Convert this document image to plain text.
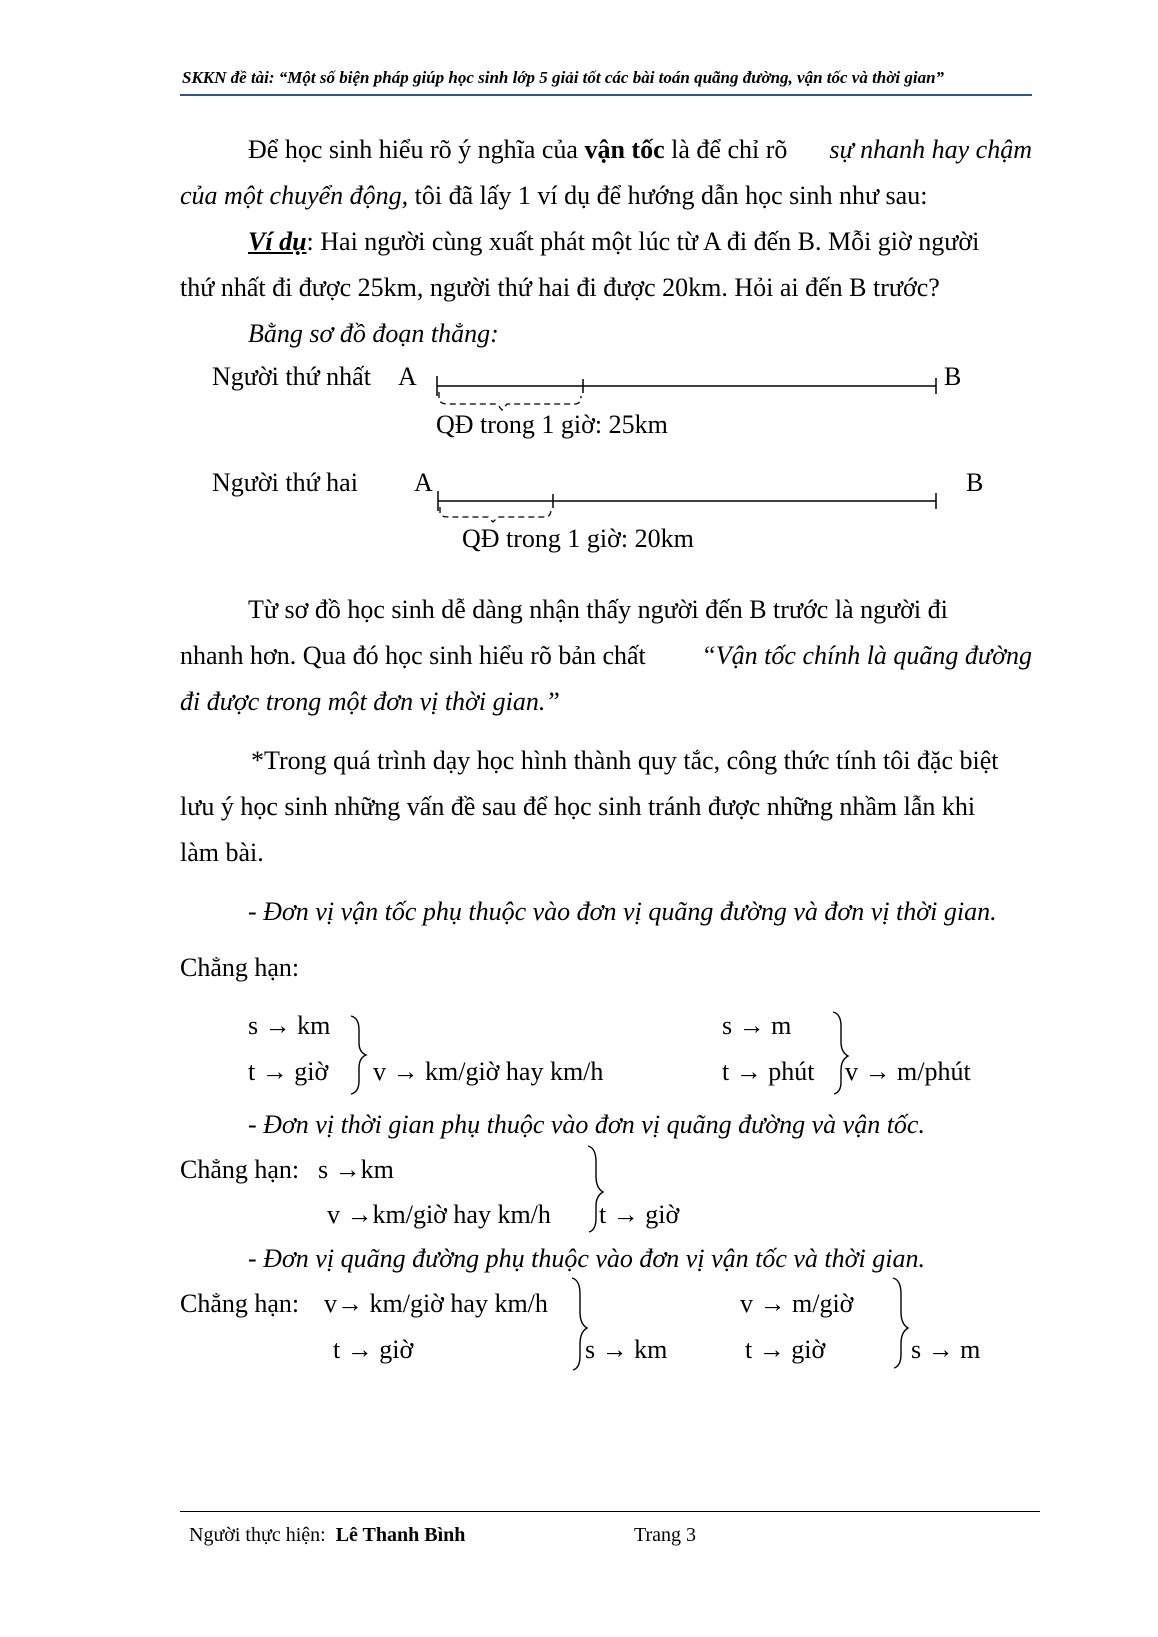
SKKN đề tài: “Một số biện pháp giúp học sinh lớp 5 giải tốt các bài toán quãng đường, vận tốc và thời gian”
Để học sinh hiểu rõ ý nghĩa của vận tốc là để chỉ rõ sự nhanh hay chậm
của một chuyển động, tôi đã lấy 1 ví dụ để hướng dẫn học sinh như sau:
Ví dụ: Hai người cùng xuất phát một lúc từ A đi đến B. Mỗi giờ người
thứ nhất đi được 25km, người thứ hai đi được 20km. Hỏi ai đến B trước?
Bằng sơ đồ đoạn thẳng:
Người thứ nhất A	B
QĐ trong 1 giờ: 25km
Người thứ hai A	B
QĐ trong 1 giờ: 20km
Từ sơ đồ học sinh dễ dàng nhận thấy người đến B trước là người đi
nhanh hơn. Qua đó học sinh hiểu rõ bản chất “Vận tốc chính là quãng đường
đi được trong một đơn vị thời gian.”
*Trong quá trình dạy học hình thành quy tắc, công thức tính tôi đặc biệt
lưu ý học sinh những vấn đề sau để học sinh tránh được những nhầm lẫn khi
làm bài.
- Đơn vị vận tốc phụ thuộc vào đơn vị quãng đường và đơn vị thời gian.
Chẳng hạn:
s → km
t → giờ v → km/giờ hay km/h
s → m
t → phút v → m/phút
- Đơn vị thời gian phụ thuộc vào đơn vị quãng đường và vận tốc.
Chẳng hạn: s →km
v →km/giờ hay km/h t → giờ
- Đơn vị quãng đường phụ thuộc vào đơn vị vận tốc và thời gian.
Chẳng hạn: v→ km/giờ hay km/h
t → giờ	s → km
v → m/giờ
t → giờ	s → m
Người thực hiện: Lê Thanh Bình	Trang 3
